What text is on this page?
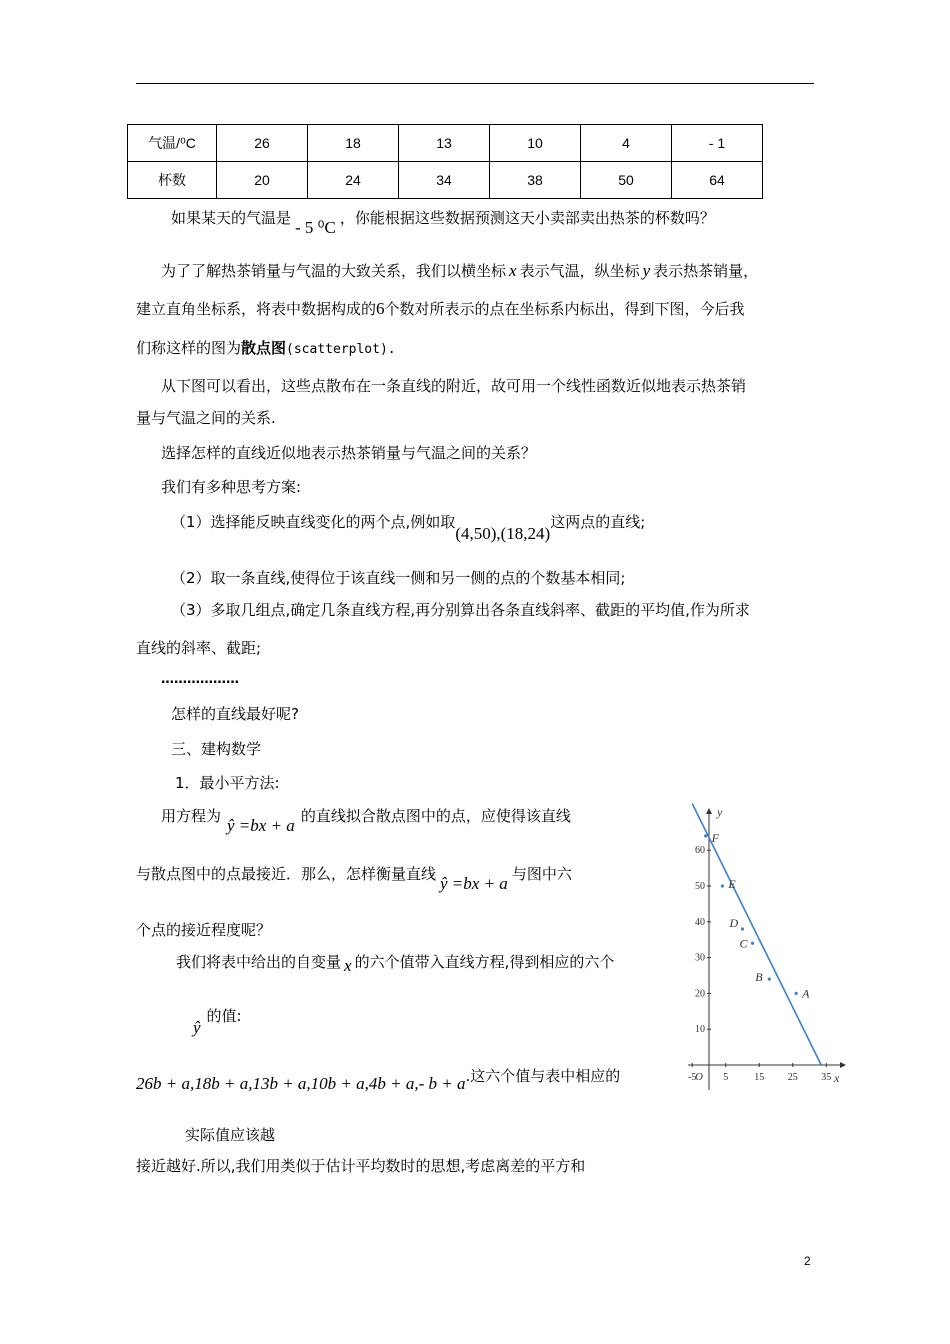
气温/⁰C	26	18	13	10	4	- 1
杯数	20	24	34	38	50	64
如果某天的气温是 - 5 ⁰C ，你能根据这些数据预测这天小卖部卖出热茶的杯数吗？
为了了解热茶销量与气温的大致关系，我们以横坐标 x 表示气温，纵坐标 y 表示热茶销量，
建立直角坐标系，将表中数据构成的6个数对所表示的点在坐标系内标出，得到下图，今后我
们称这样的图为散点图(scatterplot).
从下图可以看出，这些点散布在一条直线的附近，故可用一个线性函数近似地表示热茶销
量与气温之间的关系.
选择怎样的直线近似地表示热茶销量与气温之间的关系？
我们有多种思考方案:
（1）选择能反映直线变化的两个点,例如取(4,50),(18,24)这两点的直线;
（2）取一条直线,使得位于该直线一侧和另一侧的点的个数基本相同;
（3）多取几组点,确定几条直线方程,再分别算出各条直线斜率、截距的平均值,作为所求
直线的斜率、截距;
………………
怎样的直线最好呢?
三、建构数学
1．最小平方法:
用方程为 ŷ =bx + a 的直线拟合散点图中的点，应使得该直线
与散点图中的点最接近．那么，怎样衡量直线 ŷ =bx + a 与图中六
个点的接近程度呢？
我们将表中给出的自变量 x 的六个值带入直线方程,得到相应的六个
ŷ的值:
26b + a,18b + a,13b + a,10b + a,4b + a,- b + a.这六个值与表中相应的
实际值应该越
接近越好.所以,我们用类似于估计平均数时的思想,考虑离差的平方和
x
y
-5
O 5	15 25 35
10
20
30
40
50
60
A
B
C
D
E
F
2
